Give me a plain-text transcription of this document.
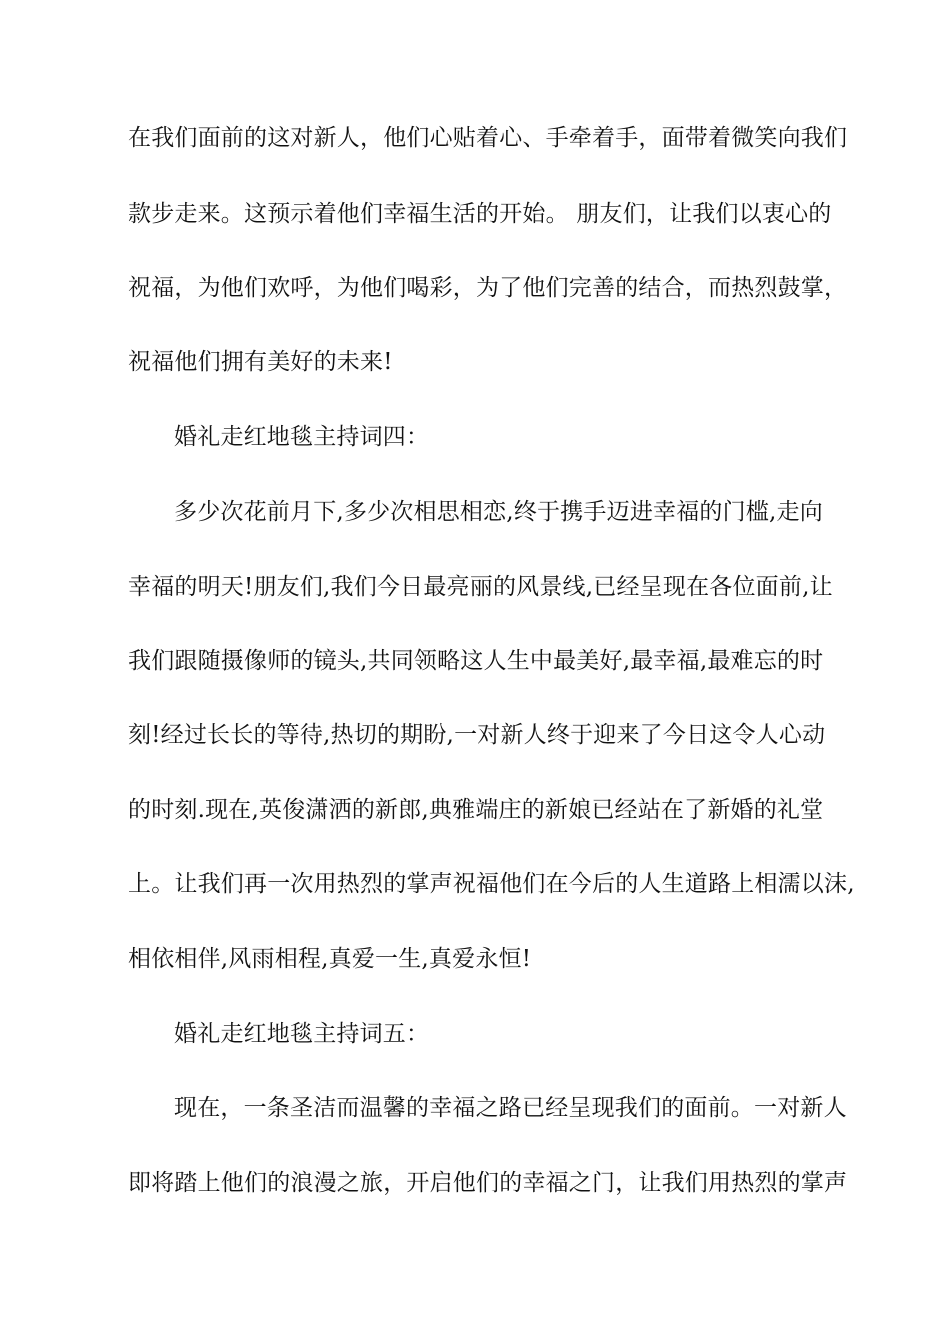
在我们面前的这对新人，他们心贴着心、手牵着手，面带着微笑向我们
款步走来。这预示着他们幸福生活的开始。 朋友们，让我们以衷心的
祝福，为他们欢呼，为他们喝彩，为了他们完善的结合，而热烈鼓掌，
祝福他们拥有美好的未来!
婚礼走红地毯主持词四：
多少次花前月下,多少次相思相恋,终于携手迈进幸福的门槛,走向
幸福的明天!朋友们,我们今日最亮丽的风景线,已经呈现在各位面前,让
我们跟随摄像师的镜头,共同领略这人生中最美好,最幸福,最难忘的时
刻!经过长长的等待,热切的期盼,一对新人终于迎来了今日这令人心动
的时刻.现在,英俊潇洒的新郎,典雅端庄的新娘已经站在了新婚的礼堂
上。让我们再一次用热烈的掌声祝福他们在今后的人生道路上相濡以沫,
相依相伴,风雨相程,真爱一生,真爱永恒!
婚礼走红地毯主持词五：
现在，一条圣洁而温馨的幸福之路已经呈现我们的面前。一对新人
即将踏上他们的浪漫之旅，开启他们的幸福之门，让我们用热烈的掌声
